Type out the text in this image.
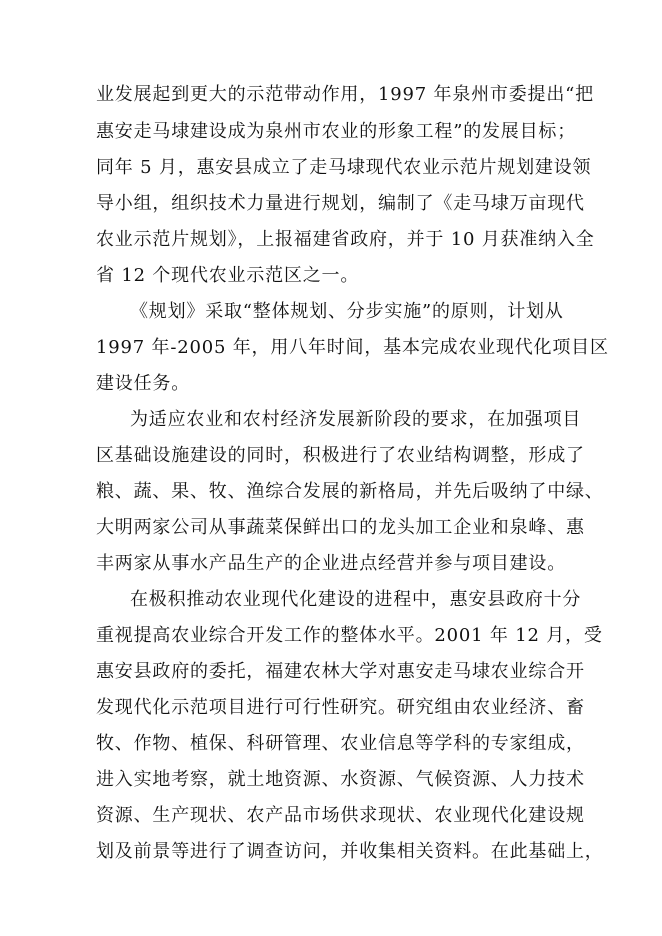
业发展起到更大的示范带动作用，1997 年泉州市委提出“把
惠安走马埭建设成为泉州市农业的形象工程”的发展目标；
同年 5 月，惠安县成立了走马埭现代农业示范片规划建设领
导小组，组织技术力量进行规划，编制了《走马埭万亩现代
农业示范片规划》，上报福建省政府，并于 10 月获准纳入全
省 12 个现代农业示范区之一。
《规划》采取“整体规划、分步实施”的原则，计划从
1997 年-2005 年，用八年时间，基本完成农业现代化项目区
建设任务。
为适应农业和农村经济发展新阶段的要求，在加强项目
区基础设施建设的同时，积极进行了农业结构调整，形成了
粮、蔬、果、牧、渔综合发展的新格局，并先后吸纳了中绿、
大明两家公司从事蔬菜保鲜出口的龙头加工企业和泉峰、惠
丰两家从事水产品生产的企业进点经营并参与项目建设。
在极积推动农业现代化建设的进程中，惠安县政府十分
重视提高农业综合开发工作的整体水平。2001 年 12 月，受
惠安县政府的委托，福建农林大学对惠安走马埭农业综合开
发现代化示范项目进行可行性研究。研究组由农业经济、畜
牧、作物、植保、科研管理、农业信息等学科的专家组成，
进入实地考察，就土地资源、水资源、气候资源、人力技术
资源、生产现状、农产品市场供求现状、农业现代化建设规
划及前景等进行了调查访问，并收集相关资料。在此基础上，
